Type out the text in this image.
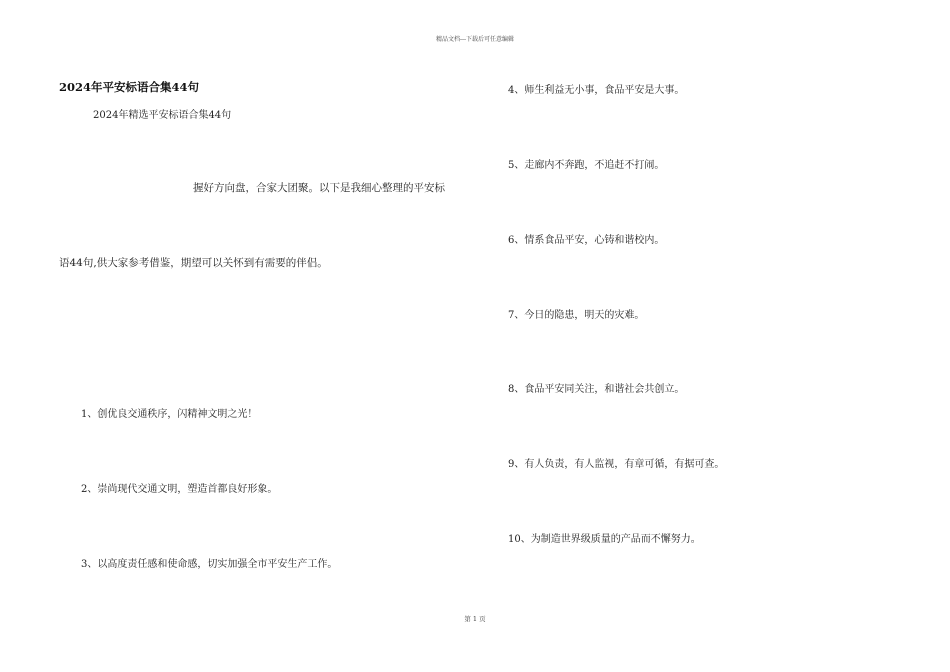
精品文档---下载后可任意编辑
2024年平安标语合集44句
2024年精选平安标语合集44句
握好方向盘，合家大团聚。以下是我细心整理的平安标
语44句,供大家参考借鉴，期望可以关怀到有需要的伴侣。
1、创优良交通秩序，闪精神文明之光！
2、崇尚现代交通文明，塑造首都良好形象。
3、以高度责任感和使命感，切实加强全市平安生产工作。
4、师生利益无小事，食品平安是大事。
5、走廊内不奔跑，不追赶不打闹。
6、情系食品平安，心铸和谐校内。
7、今日的隐患，明天的灾难。
8、食品平安同关注，和谐社会共创立。
9、有人负责，有人监视，有章可循，有据可查。
10、为制造世界级质量的产品而不懈努力。
第 1 页
